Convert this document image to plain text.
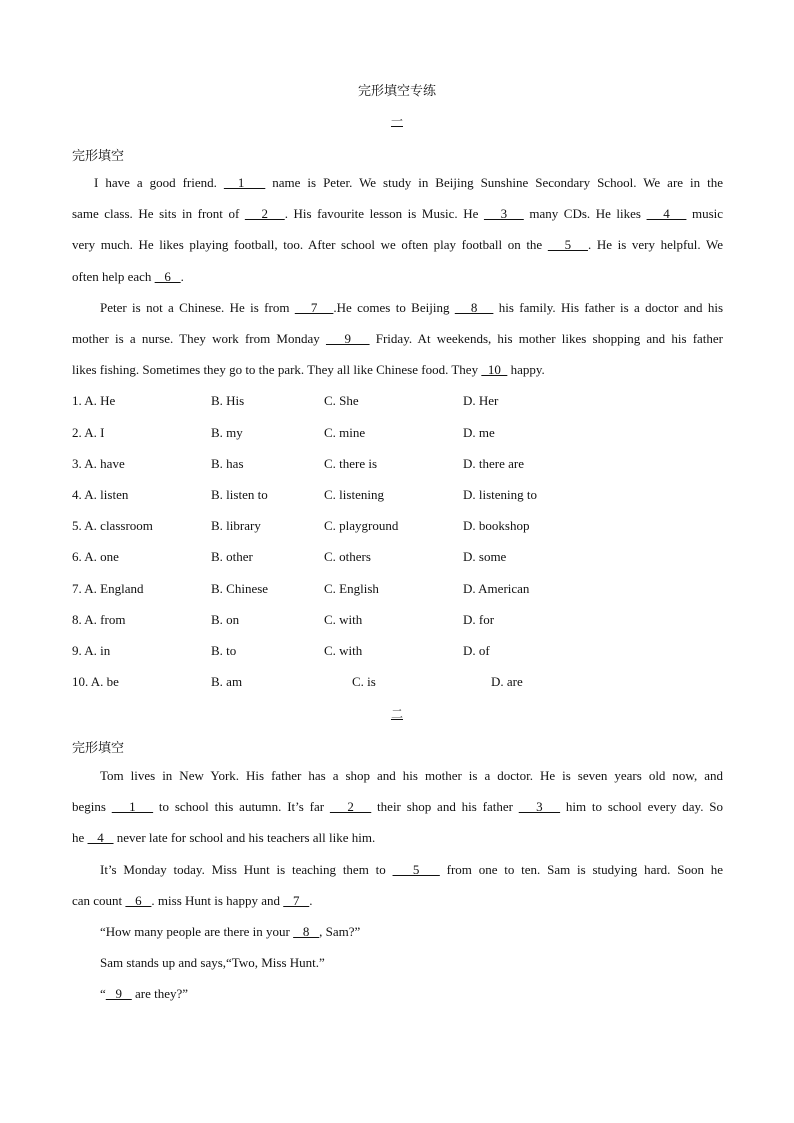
完形填空专练
一
完形填空
I have a good friend.   1    name is Peter. We study in Beijing Sunshine Secondary School. We are in the
same class. He sits in front of    2   . His favourite lesson is Music. He    3    many CDs. He likes    4    music
very much. He likes playing football, too. After school we often play football on the    5   . He is very helpful. We
often help each    6   .
Peter is not a Chinese. He is from    7   .He comes to Beijing    8    his family. His father is a doctor and his
mother is a nurse. They work from Monday    9    Friday. At weekends, his mother likes shopping and his father
likes fishing. Sometimes they go to the park. They all like Chinese food. They   10   happy.
1. A. He	B. His	C. She	D. Her
2. A. I	B. my	C. mine	D. me
3. A. have	B. has	C. there is	D. there are
4. A. listen	B. listen to	C. listening	D. listening to
5. A. classroom	B. library	C. playground	D. bookshop
6. A. one	B. other	C. others	D. some
7. A. England	B. Chinese	C. English	D. American
8. A. from	B. on	C. with	D. for
9. A. in	B. to	C. with	D. of
10. A. be	B. am	C. is	D. are
二
完形填空
Tom lives in New York. His father has a shop and his mother is a doctor. He is seven years old now, and
begins    1    to school this autumn. It’s far    2    their shop and his father    3    him to school every day. So
he    4    never late for school and his teachers all like him.
It’s Monday today. Miss Hunt is teaching them to    5    from one to ten. Sam is studying hard. Soon he
can count    6   . miss Hunt is happy and    7   .
“How many people are there in your    8   , Sam?”
Sam stands up and says,“Two, Miss Hunt.”
“   9    are they?”
